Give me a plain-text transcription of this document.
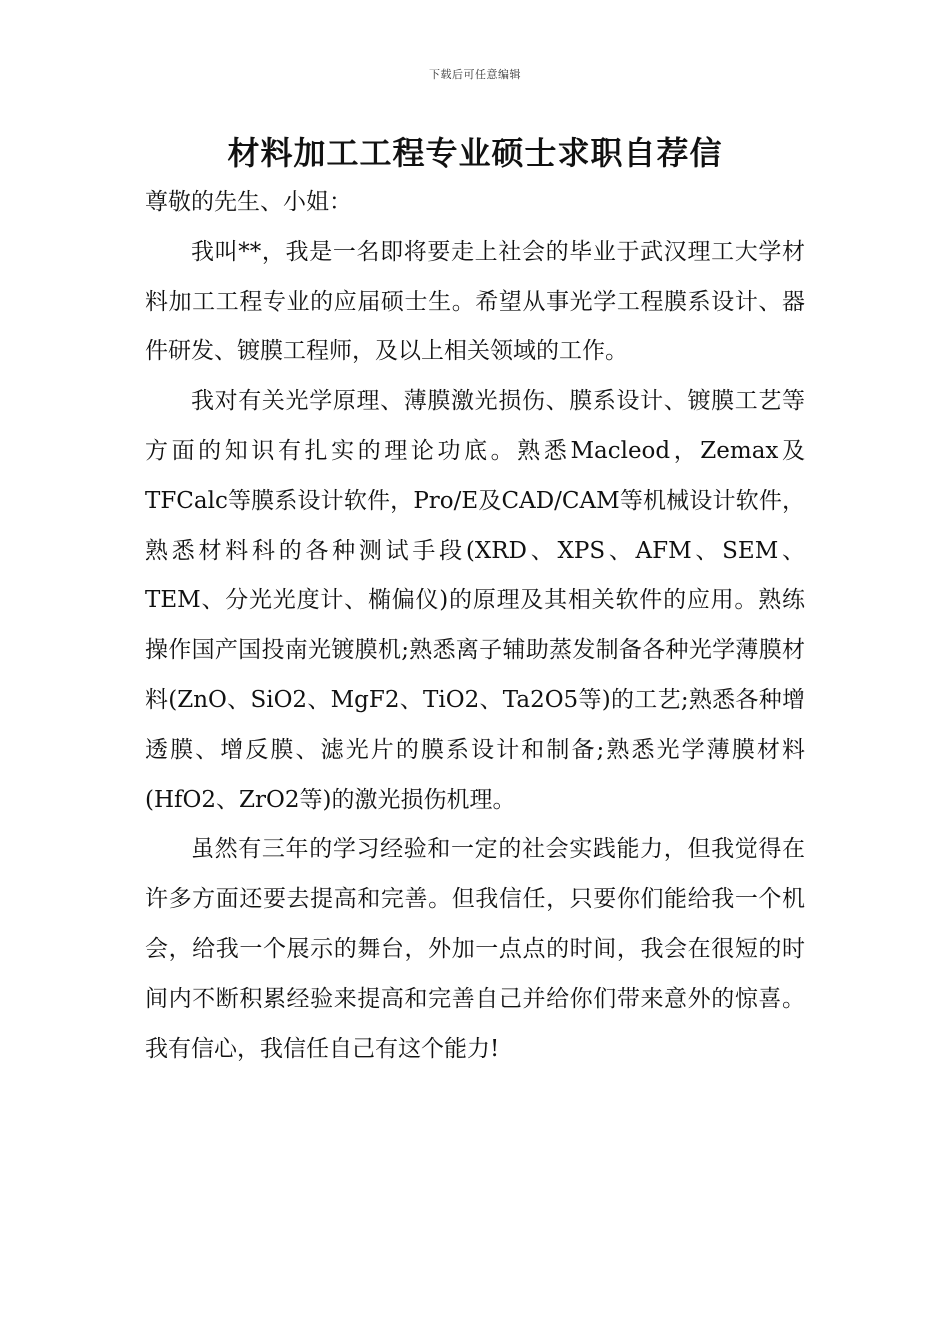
下载后可任意编辑
材料加工工程专业硕士求职自荐信

尊敬的先生、小姐：

我叫**，我是一名即将要走上社会的毕业于武汉理工大学材料加工工程专业的应届硕士生。希望从事光学工程膜系设计、器件研发、镀膜工程师，及以上相关领域的工作。

我对有关光学原理、薄膜激光损伤、膜系设计、镀膜工艺等方面的知识有扎实的理论功底。熟悉Macleod，Zemax及TFCalc等膜系设计软件，Pro/E及CAD/CAM等机械设计软件，熟悉材料科的各种测试手段(XRD、XPS、AFM、SEM、TEM、分光光度计、椭偏仪)的原理及其相关软件的应用。熟练操作国产国投南光镀膜机;熟悉离子辅助蒸发制备各种光学薄膜材料(ZnO、SiO2、MgF2、TiO2、Ta2O5等)的工艺;熟悉各种增透膜、增反膜、滤光片的膜系设计和制备;熟悉光学薄膜材料(HfO2、ZrO2等)的激光损伤机理。

虽然有三年的学习经验和一定的社会实践能力，但我觉得在许多方面还要去提高和完善。但我信任，只要你们能给我一个机会，给我一个展示的舞台，外加一点点的时间，我会在很短的时间内不断积累经验来提高和完善自己并给你们带来意外的惊喜。我有信心，我信任自己有这个能力!
